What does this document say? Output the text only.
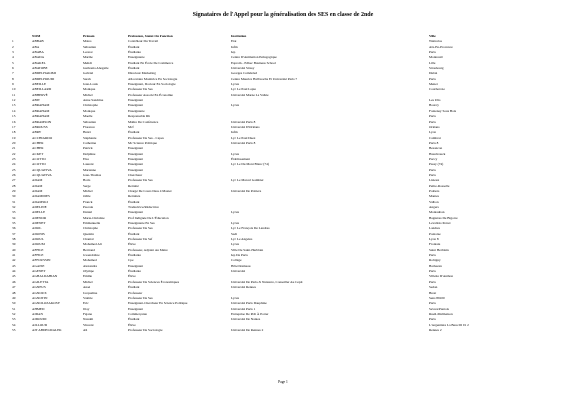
Signataires de l'Appel pour la généralisation des SES en classe de 2nde
	NOM	Prénom	Profession, Statut Ou Fonction	Institution	Ville
1	ABBAB	Malos	Contrôleur Du Travail	Etat	Wattrelos
2	ABA	Sébastien	Étudiant	Iufm	Aix-En-Provence
3	ABABA	Leonor	Étudiante	Iep	Paris
4	ABADA	Marthe	Enseignante	Centre D'Animation Pédagogique	Montreuil
5	ABAKEL	Mehdi	Etudiant En École De Commerce	Esprom - Edhec Business School	Lille
6	ABATOBE	Guthonia Abegaile	Étudiant	Université Strasy	Strasbourg
7	ABDELHAKIMI	Gabriel	Directeur Marketing	Georges Comdeled	Dubai
8	ABDELHOUDI	Sarah	Allocataire Monitrice En Sociologie	Centre Maurice Halbwachs Et Université Paris 7	Paris
9	ABEILLE	Jean-Louis	Enseignant, Docteur En Sociologie	Lycée	Menet
10	ABEILLARD	Monique	Professeur De Ses	Lyc Le Paul Lapie	Courbevoie
11	ABHERVÉ	Michel	Professeur Associé En Économie	Université Marne La Vallée	
12	ABIT	Anne Sandrine	Enseignant		Les Ulis
13	ABRAHAM	Christophe	Enseignant	Lycée	Bourcy
14	ABRAHAM	Monique	Enseignante		Fontenay Sous Bois
15	ABRAHAM	Maelle	Responsable Rh		Paris
16	ABRAMSON	Sébastien	Maître De Conférence	Université Paris 8	Paris
17	ABROUSS	Florence	Mcf	Université D'Orléans	Orléans
18	ABRY	Henri	Étudiant	Iufm	Lyon
19	ACCHIARDO	Stéphanie	Professeur De Ses - Capes	Lyc Le Paul Duez	Cambrai
20	ACHER	Catherine	Mc Science Politique	Université Paris 8	Paris 8
21	ACHER	Patrick	Enseignant		Besancon
22	ACKET	Delphine	Enseignant	Lycée	Hazebrouck
23	ACOTTO	Elsa	Enseignant	Établissement	Puccy
24	ACOTTO	Laurent	Enseignant	Lyc Le Du Mont Blanc (74)	Passy (74)
25	ACQUAVIVA	Marianne	Enseignant		Paris
26	ACQUAVIVA	Jean-Thomas	Chercheur		Paris
27	ADAM	Boris	Professeur De Ses	Lyc Le Marcel Gambier	Lisieux
28	ADAM	Serge	Retraité		Petite-Rosselle
29	ADAM	Michel	Chargé De Cours Dess 4 Master	Université De Poitiers	Poitiers
30	ADAMIDES	Odile	Retraitée		Mantes
31	ADAMSKI	Franck	Étudiant		Valbon
32	ADELINE	Pascale	Traductrice/Rédactrice		Angers
33	ADELLE	Daniel	Enseignant	Lycée	Montauban
34	ADENOR	Marie-Christine	Prof Indignée De L'Éducation		Bagnères De Bigorre
35	ADENET	Emmanuelle	Enseignante En Ses	Lycée	Levallois Perret
36	ADOL	Christophe	Professeur De Ses	Lyc Le François De Landres	Landres
37	ADONIS	Quentin	Étudiant	Sadi	Pontoise
38	ADOUL	Chantal	Professeur De Ssf	Lyc Le Angeles	Lyon 8
39	ADOUM	Mohamed Ali	Élève	Lycée	Frontaie
40	AFFILE	Bertrand	Professeur, Adjoint Au Maire	Ville De Saint-Herblain	Saint Herblain
41	AFFILE	Gwendoline	Étudiante	Iep De Paris	Paris
42	AFFOUSSIN	Mohamed	Cpe	Collège	Robigny
43	AGAISE	Alexandre	Enseignant	Hôtel Rameau	Barbezan
44	AGENET	Olympe	Étudiante	Université	Paris
45	AGHALDAHIAN	Emilie	Élève		Villette D'Anthon
46	AGILETTA	Michel	Professeur De Sciences Économiques	Université De Paris-X Nanterre, Conseiller Au Cepii	Paris
47	AGNEUS	Anaé	Étudiant	Université Rennes	Sedan
48	AGNOUX	Jacqueline	Professeur		Brest
49	AGNOTIN	Valérie	Professeur De Ses	Lycée	Sens 89100
50	AGNOLOZAKOSY	Eric	Enseignant-Chercheur En Science Politique	Université Paris Dauphine	Paris
51	AHMED	Jilay	Enseignant	Université Paris 1	Sevres/Pantois
52	AIDAN	Fajana	Commerçante	Entreprise De Prêt À Porter	Rueil-Malmaison
53	AIDOUDI	Nassim	Étudiant	Université De Nantes	Paris
54	AILLOUD	Vincent	Élève		L'Argentière La Bess 06 01 2
55	AIT ABDELMALEK	Ali	Professeur De Sociologie	Université De Rennes 2	Rennes 2
Page 1
